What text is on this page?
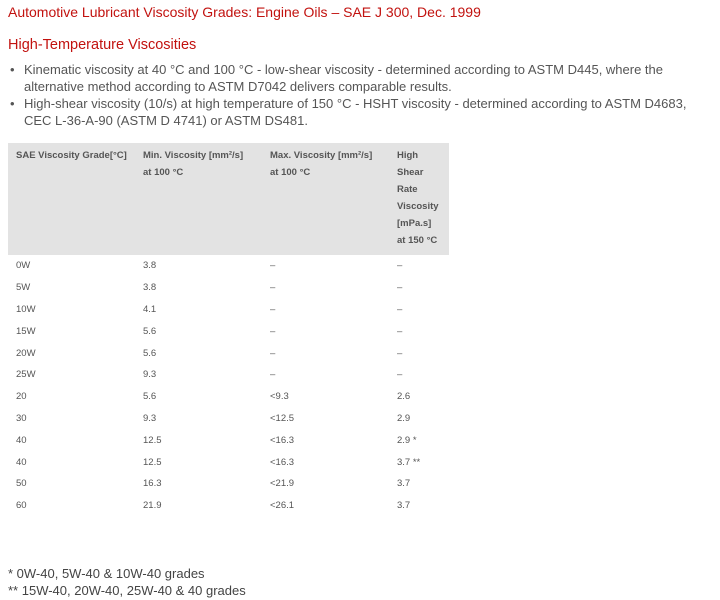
Automotive Lubricant Viscosity Grades: Engine Oils – SAE J 300, Dec. 1999
High-Temperature Viscosities
• Kinematic viscosity at 40 °C and 100 °C - low-shear viscosity - determined according to ASTM D445, where the alternative method according to ASTM D7042 delivers comparable results.
• High-shear viscosity (10/s) at high temperature of 150 °C - HSHT viscosity - determined according to ASTM D4683, CEC L-36-A-90 (ASTM D 4741) or ASTM DS481.
SAE Viscosity Grade[°C]	Min. Viscosity [mm²/s] at 100 °C	Max. Viscosity [mm²/s] at 100 °C	High Shear Rate Viscosity [mPa.s] at 150 °C
0W	3.8	–	–
5W	3.8	–	–
10W	4.1	–	–
15W	5.6	–	–
20W	5.6	–	–
25W	9.3	–	–
20	5.6	<9.3	2.6
30	9.3	<12.5	2.9
40	12.5	<16.3	2.9 *
40	12.5	<16.3	3.7 **
50	16.3	<21.9	3.7
60	21.9	<26.1	3.7
* 0W-40, 5W-40 & 10W-40 grades
** 15W-40, 20W-40, 25W-40 & 40 grades
